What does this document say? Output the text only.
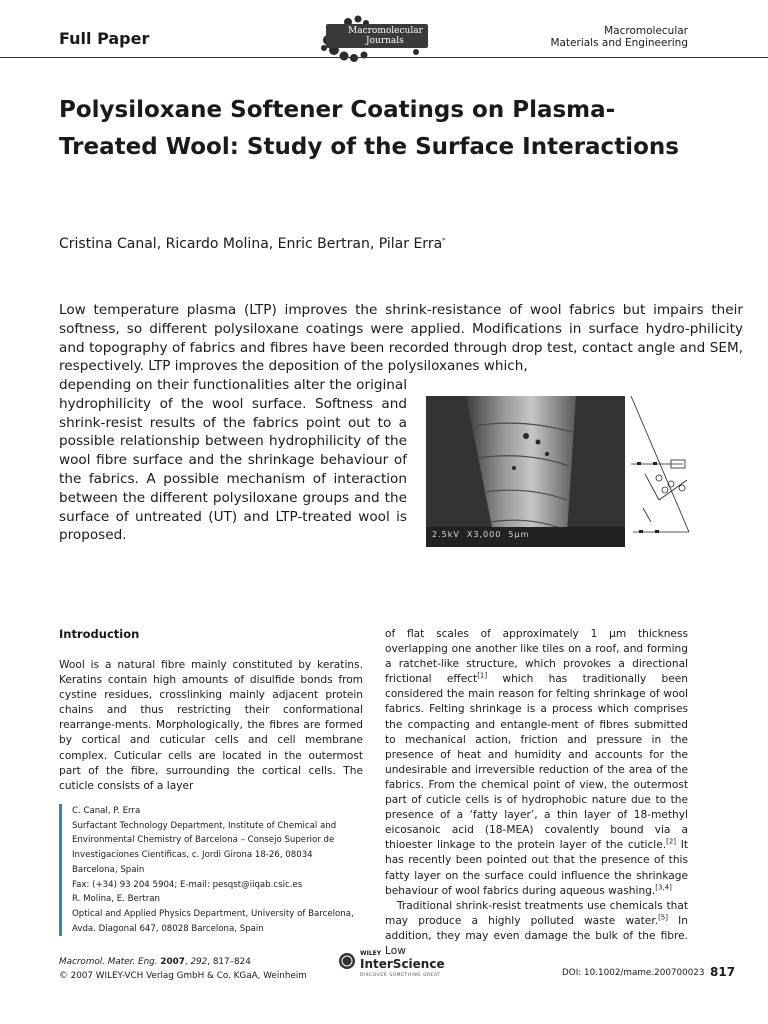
Full Paper	Macromolecular
Journals
Macromolecular
Materials and Engineering
Polysiloxane Softener Coatings on Plasma-Treated Wool: Study of the Surface Interactions
Cristina Canal, Ricardo Molina, Enric Bertran, Pilar Erra*
Low temperature plasma (LTP) improves the shrink-resistance of wool fabrics but impairs their softness, so different polysiloxane coatings were applied. Modifications in surface hydro-philicity and topography of fabrics and fibres have been recorded through drop test, contact angle and SEM, respectively. LTP improves the deposition of the polysiloxanes which,
depending on their functionalities alter the original hydrophilicity of the wool surface. Softness and shrink-resist results of the fabrics point out to a possible relationship between hydrophilicity of the wool fibre surface and the shrinkage behaviour of the fabrics. A possible mechanism of interaction between the different polysiloxane groups and the surface of untreated (UT) and LTP-treated wool is proposed.	2.5kV  X3,000  5µm
Introduction
Wool is a natural fibre mainly constituted by keratins. Keratins contain high amounts of disulfide bonds from cystine residues, crosslinking mainly adjacent protein chains and thus restricting their conformational rearrange-ments. Morphologically, the fibres are formed by cortical and cuticular cells and cell membrane complex. Cuticular cells are located in the outermost part of the fibre, surrounding the cortical cells. The cuticle consists of a layer

of flat scales of approximately 1 µm thickness overlapping one another like tiles on a roof, and forming a ratchet-like structure, which provokes a directional frictional effect[1] which has traditionally been considered the main reason for felting shrinkage of wool fabrics. Felting shrinkage is a process which comprises the compacting and entangle-ment of fibres submitted to mechanical action, friction and pressure in the presence of heat and humidity and accounts for the undesirable and irreversible reduction of the area of the fabrics. From the chemical point of view, the outermost part of cuticle cells is of hydrophobic nature due to the presence of a ‘fatty layer’, a thin layer of 18-methyl eicosanoic acid (18-MEA) covalently bound via a thioester linkage to the protein layer of the cuticle.[2] It has recently been pointed out that the presence of this fatty layer on the surface could influence the shrinkage behaviour of wool fabrics during aqueous washing.[3,4]

Traditional shrink-resist treatments use chemicals that may produce a highly polluted waste water.[5] In addition, they may even damage the bulk of the fibre. Low

C. Canal, P. Erra
Surfactant Technology Department, Institute of Chemical and
Environmental Chemistry of Barcelona – Consejo Superior de
Investigaciones Cientificas, c. Jordi Girona 18-26, 08034
Barcelona, Spain
Fax: (+34) 93 204 5904; E-mail: pesqst@iiqab.csic.es
R. Molina, E. Bertran
Optical and Applied Physics Department, University of Barcelona,
Avda. Diagonal 647, 08028 Barcelona, Spain
Macromol. Mater. Eng. 2007, 292, 817–824
© 2007 WILEY-VCH Verlag GmbH & Co. KGaA, Weinheim
WILEY
InterScience
DISCOVER SOMETHING GREAT	DOI: 10.1002/mame.200700023 817
